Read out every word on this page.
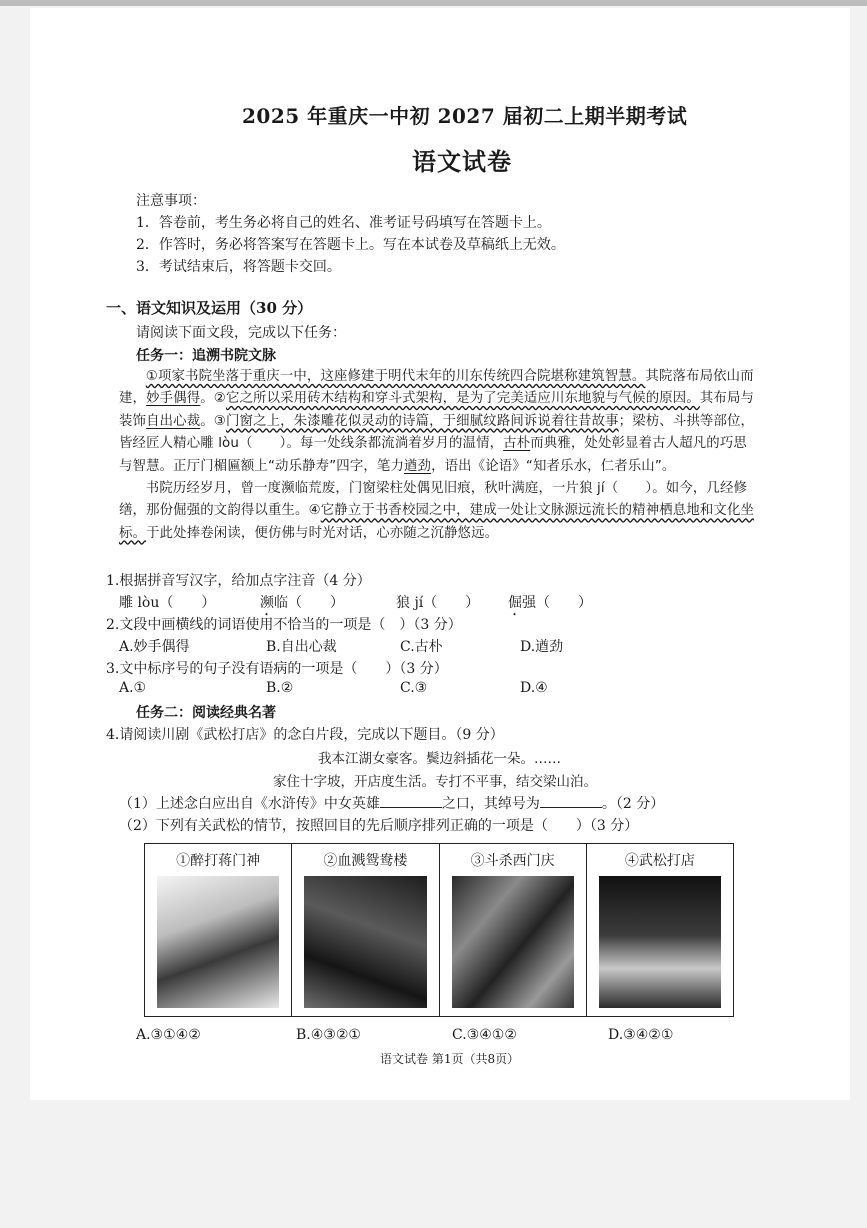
2025 年重庆一中初 2027 届初二上期半期考试
语文试卷
注意事项：
1．答卷前，考生务必将自己的姓名、准考证号码填写在答题卡上。
2．作答时，务必将答案写在答题卡上。写在本试卷及草稿纸上无效。
3．考试结束后，将答题卡交回。
一、语文知识及运用（30 分）
请阅读下面文段，完成以下任务：
任务一：追溯书院文脉

①项家书院坐落于重庆一中，这座修建于明代末年的川东传统四合院堪称建筑智慧。其院落布局依山而建，妙手偶得。②它之所以采用砖木结构和穿斗式架构，是为了完美适应川东地貌与气候的原因。其布局与装饰自出心裁。③门窗之上，朱漆雕花似灵动的诗篇，于细腻纹路间诉说着往昔故事；梁枋、斗拱等部位，皆经匠人精心雕 lòu（　　）。每一处线条都流淌着岁月的温情，古朴而典雅，处处彰显着古人超凡的巧思与智慧。正厅门楣匾额上“动乐静寿”四字，笔力遒劲，语出《论语》“知者乐水，仁者乐山”。

书院历经岁月，曾一度濒临荒废，门窗梁柱处偶见旧痕，秋叶满庭，一片狼 jí（　　）。如今，几经修缮，那份倔强的文韵得以重生。④它静立于书香校园之中，建成一处让文脉源远流长的精神栖息地和文化坐标。于此处捧卷闲读，便仿佛与时光对话，心亦随之沉静悠远。

1.根据拼音写汉字，给加点字注音（4 分）
雕 lòu（　　）	濒临（　　）	狼 jí（　　） 倔强（　　）
2.文段中画横线的词语使用不恰当的一项是（　）（3 分）
A.妙手偶得	B.自出心裁	C.古朴	D.遒劲
3.文中标序号的句子没有语病的一项是（　　）（3 分）
A.①	B.②	C.③	D.④
任务二：阅读经典名著
4.请阅读川剧《武松打店》的念白片段，完成以下题目。（9 分）
我本江湖女豪客。鬓边斜插花一朵。……
家住十字坡，开店度生活。专打不平事，结交梁山泊。
（1）上述念白应出自《水浒传》中女英雄	之口，其绰号为	。（2 分）
（2）下列有关武松的情节，按照回目的先后顺序排列正确的一项是（　　）（3 分）
①醉打蒋门神	②血溅鸳鸯楼	③斗杀西门庆	④武松打店
A.③①④②	B.④③②①	C.③④①②	D.③④②①
语文试卷 第1页（共8页）
